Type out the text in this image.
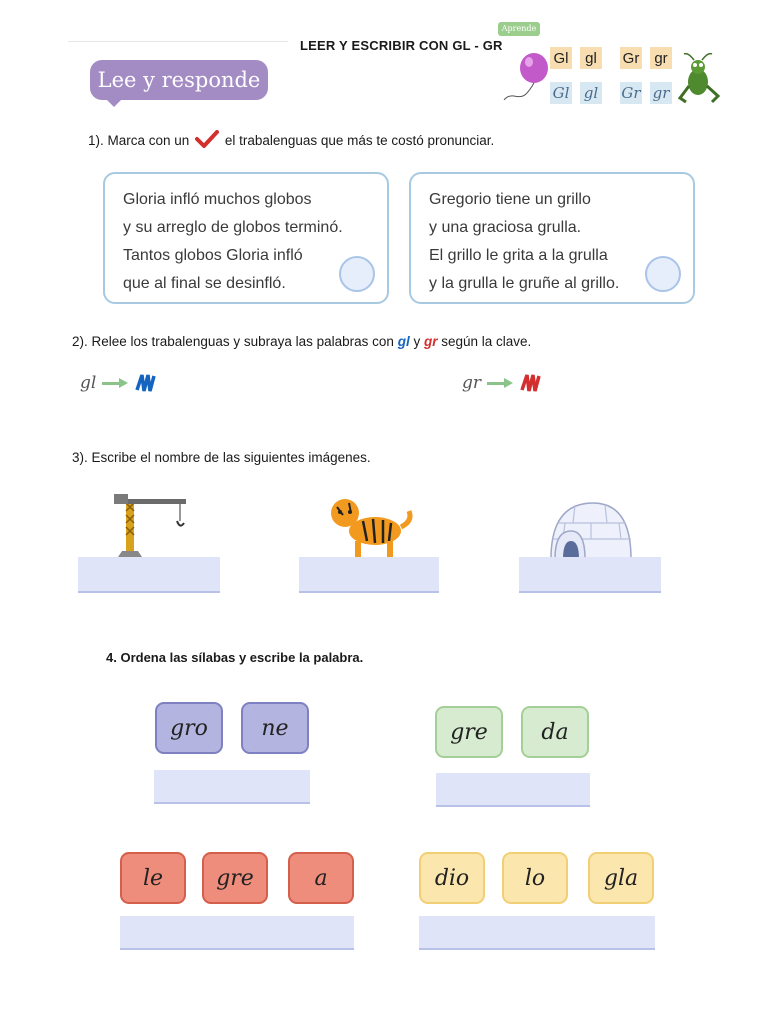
LEER Y ESCRIBIR CON GL - GR
Lee y responde
Aprende
Gl	gl	Gr gr
Gl gl Gr gr
1). Marca con un	el trabalenguas que más te costó pronunciar.
Gloria infló muchos globos
y su arreglo de globos terminó.
Tantos globos Gloria infló
que al final se desinfló.
Gregorio tiene un grillo
y una graciosa grulla.
El grillo le grita a la grulla
y la grulla le gruñe al grillo.
2). Relee los trabalenguas y subraya las palabras con gl y gr según la clave.
gl	gr
3). Escribe el nombre de las siguientes imágenes.
4. Ordena las sílabas y escribe la palabra.
gro	ne	gre	da
le	gre	a	dio	lo	gla
